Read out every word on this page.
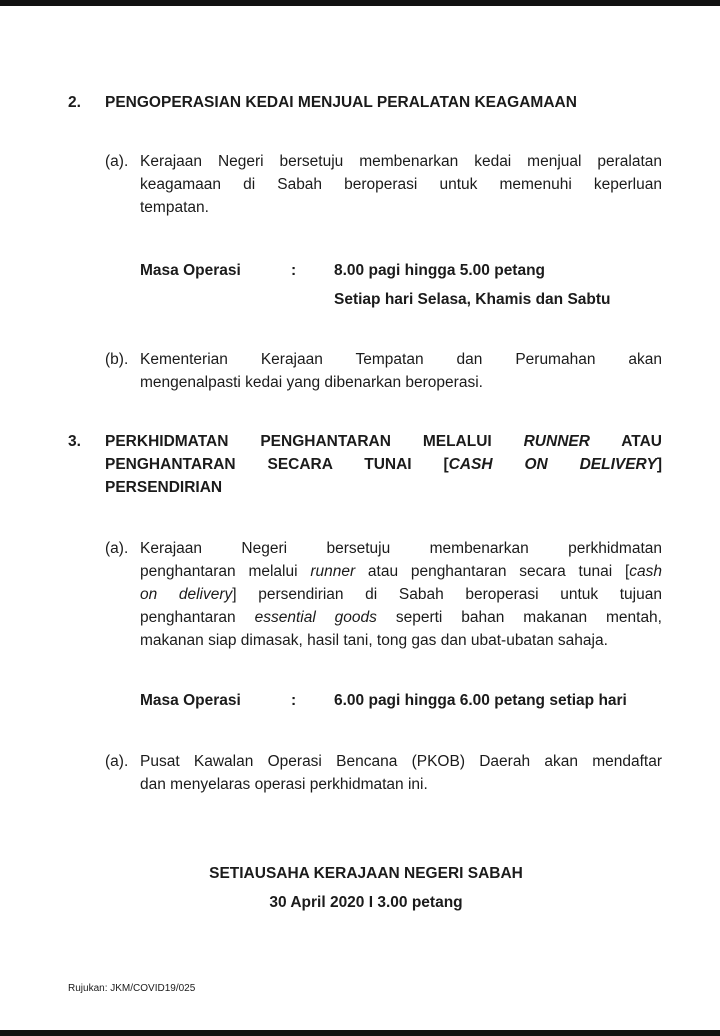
2. PENGOPERASIAN KEDAI MENJUAL PERALATAN KEAGAMAAN
(a). Kerajaan Negeri bersetuju membenarkan kedai menjual peralatan
keagamaan di Sabah beroperasi untuk memenuhi keperluan
tempatan.
Masa Operasi	: 8.00 pagi hingga 5.00 petang
Setiap hari Selasa, Khamis dan Sabtu
(b). Kementerian Kerajaan Tempatan dan Perumahan akan
mengenalpasti kedai yang dibenarkan beroperasi.
3. PERKHIDMATAN PENGHANTARAN MELALUI RUNNER ATAU
PENGHANTARAN SECARA TUNAI [CASH ON DELIVERY]
PERSENDIRIAN
(a). Kerajaan Negeri bersetuju membenarkan perkhidmatan
penghantaran melalui runner atau penghantaran secara tunai [cash
on delivery] persendirian di Sabah beroperasi untuk tujuan
penghantaran essential goods seperti bahan makanan mentah,
makanan siap dimasak, hasil tani, tong gas dan ubat-ubatan sahaja.
Masa Operasi	: 6.00 pagi hingga 6.00 petang setiap hari
(a). Pusat Kawalan Operasi Bencana (PKOB) Daerah akan mendaftar
dan menyelaras operasi perkhidmatan ini.
SETIAUSAHA KERAJAAN NEGERI SABAH
30 April 2020 I 3.00 petang
Rujukan: JKM/COVID19/025
